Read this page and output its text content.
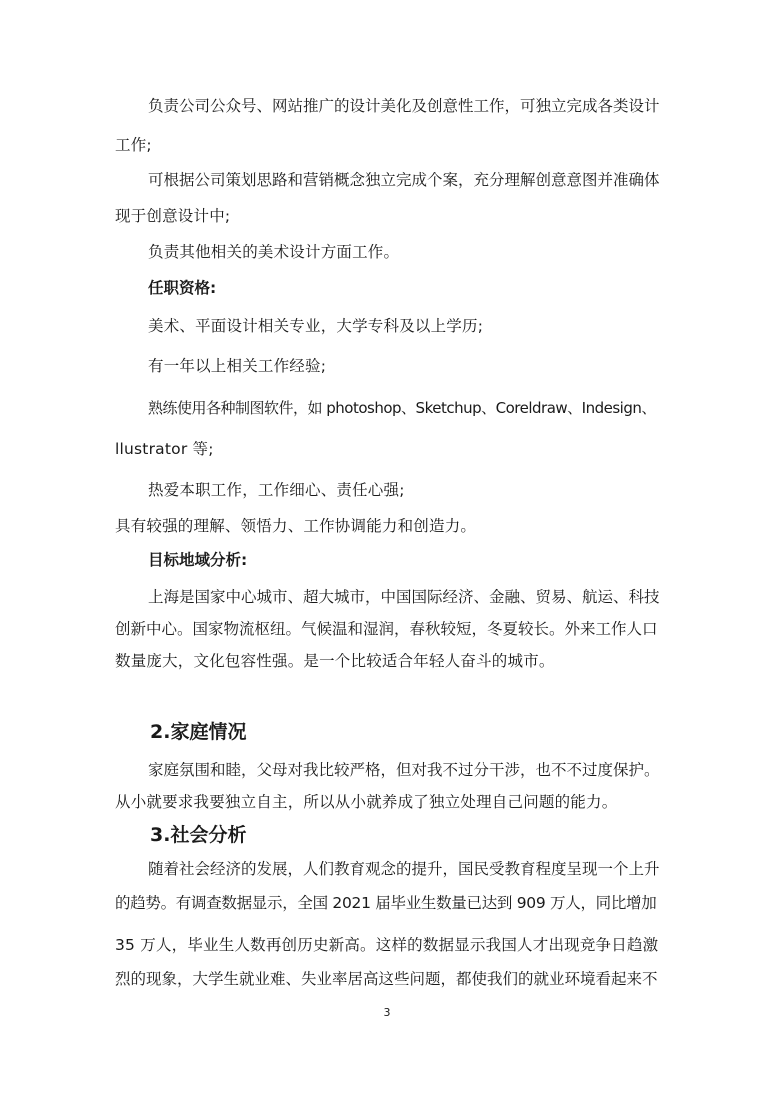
负责公司公众号、网站推广的设计美化及创意性工作，可独立完成各类设计
工作;
可根据公司策划思路和营销概念独立完成个案，充分理解创意意图并准确体
现于创意设计中;
负责其他相关的美术设计方面工作。
任职资格:
美术、平面设计相关专业，大学专科及以上学历;
有一年以上相关工作经验;
熟练使用各种制图软件，如 photoshop、Sketchup、Coreldraw、Indesign、
llustrator 等;
热爱本职工作，工作细心、责任心强;
具有较强的理解、领悟力、工作协调能力和创造力。
目标地域分析:
上海是国家中心城市、超大城市，中国国际经济、金融、贸易、航运、科技
创新中心。国家物流枢纽。气候温和湿润，春秋较短，冬夏较长。外来工作人口
数量庞大，文化包容性强。是一个比较适合年轻人奋斗的城市。
2.家庭情况
家庭氛围和睦，父母对我比较严格，但对我不过分干涉，也不不过度保护。
从小就要求我要独立自主，所以从小就养成了独立处理自己问题的能力。
3.社会分析
随着社会经济的发展，人们教育观念的提升，国民受教育程度呈现一个上升
的趋势。有调查数据显示，全国 2021 届毕业生数量已达到 909 万人，同比增加
35 万人，毕业生人数再创历史新高。这样的数据显示我国人才出现竞争日趋激
烈的现象，大学生就业难、失业率居高这些问题，都使我们的就业环境看起来不
3
